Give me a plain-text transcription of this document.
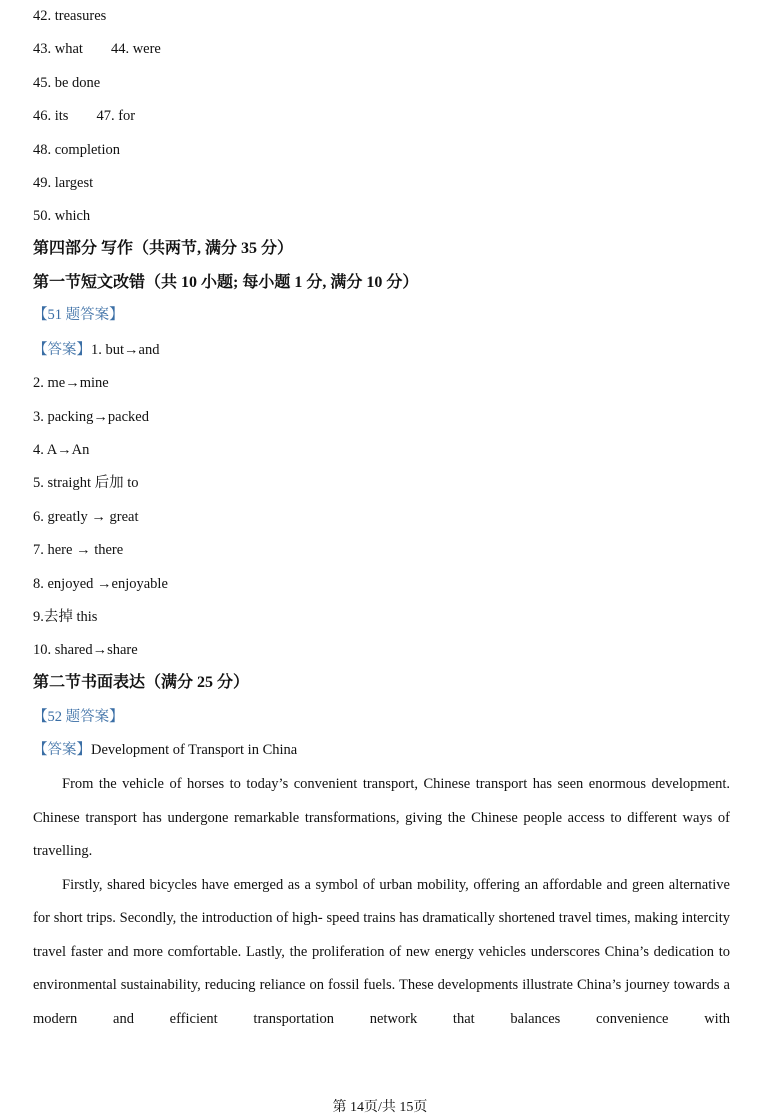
42. treasures
43. what 44. were
45. be done
46. its 47. for
48. completion
49. largest
50. which
第四部分 写作（共两节, 满分 35 分）
第一节短文改错（共 10 小题; 每小题 1 分, 满分 10 分）
【51 题答案】
【答案】1. but→and
2. me→mine
3. packing→packed
4. A→An
5. straight 后加 to
6. greatly → great
7. here → there
8. enjoyed →enjoyable
9.去掉 this
10. shared→share
第二节书面表达（满分 25 分）
【52 题答案】
【答案】Development of Transport in China

From the vehicle of horses to today’s convenient transport, Chinese transport has seen enormous development. Chinese transport has undergone remarkable transformations, giving the Chinese people access to different ways of travelling.

Firstly, shared bicycles have emerged as a symbol of urban mobility, offering an affordable and green alternative for short trips. Secondly, the introduction of high- speed trains has dramatically shortened travel times, making intercity travel faster and more comfortable. Lastly, the proliferation of new energy vehicles underscores China’s dedication to environmental sustainability, reducing reliance on fossil fuels. These developments illustrate China’s journey towards a modern and efficient transportation network that balances convenience with

第 14页/共 15页
